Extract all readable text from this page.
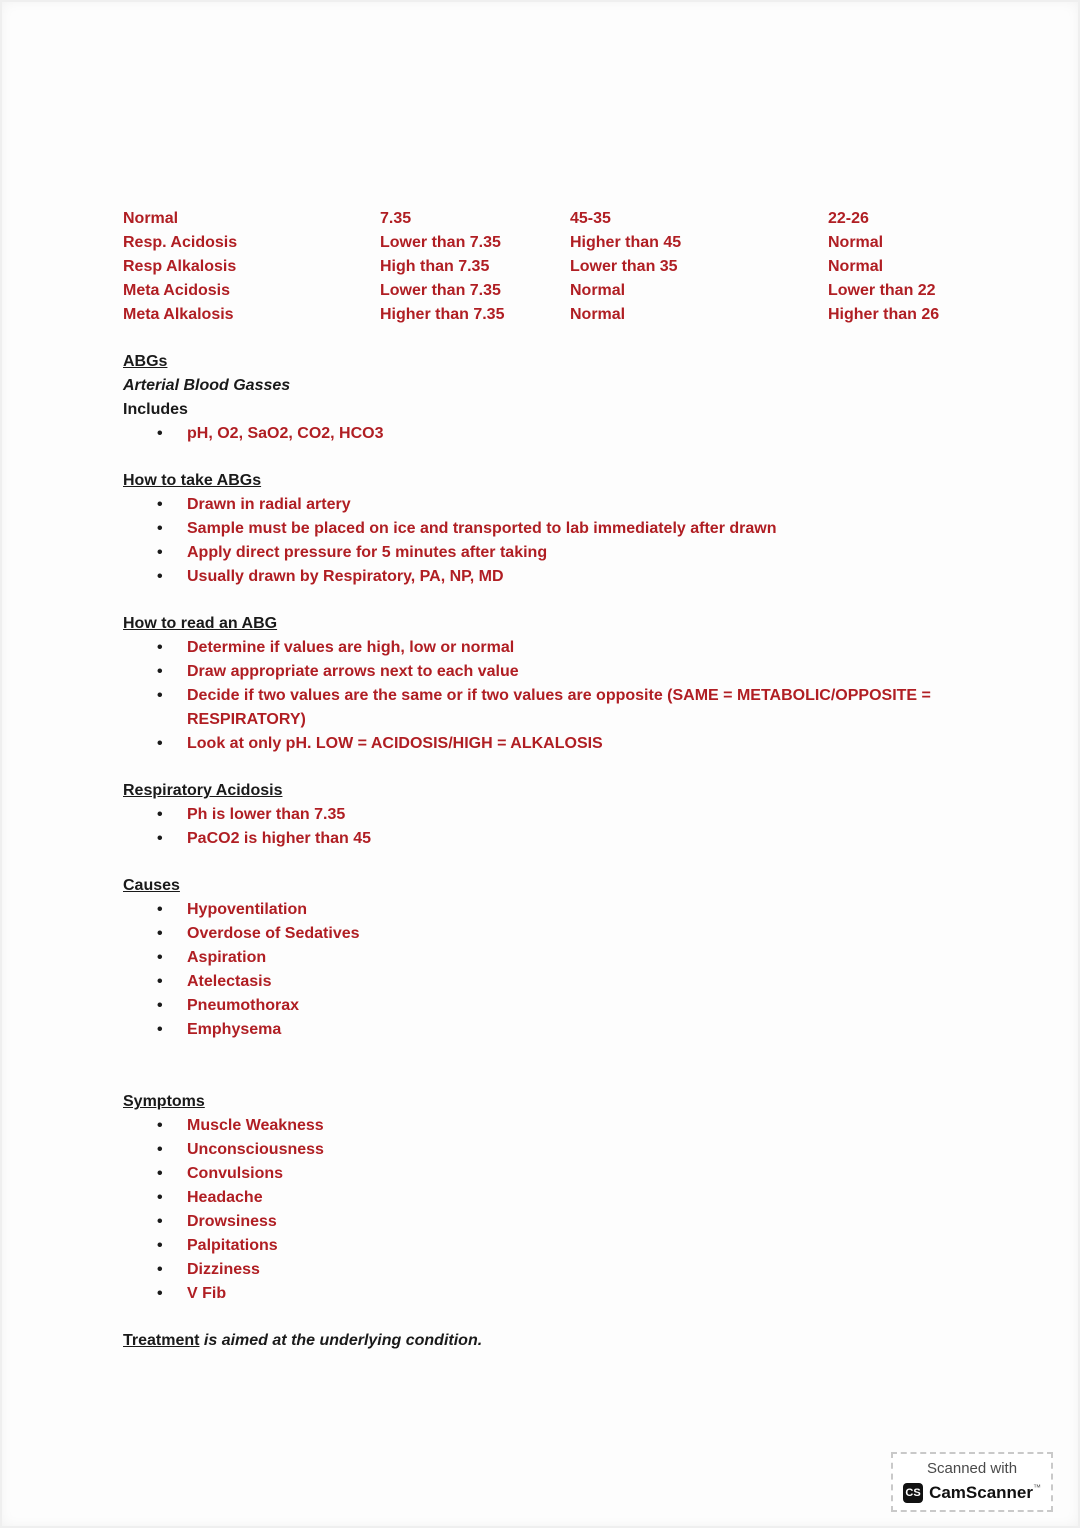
Normal	7.35	45-35	22-26
Resp. Acidosis	Lower than 7.35	Higher than 45	Normal
Resp Alkalosis	High than 7.35	Lower than 35	Normal
Meta Acidosis	Lower than 7.35	Normal	Lower than 22
Meta Alkalosis	Higher than 7.35	Normal	Higher than 26
ABGs
Arterial Blood Gasses
Includes
• pH, O2, SaO2, CO2, HCO3
How to take ABGs
• Drawn in radial artery
• Sample must be placed on ice and transported to lab immediately after drawn
• Apply direct pressure for 5 minutes after taking
• Usually drawn by Respiratory, PA, NP, MD
How to read an ABG
• Determine if values are high, low or normal
• Draw appropriate arrows next to each value
• Decide if two values are the same or if two values are opposite (SAME = METABOLIC/OPPOSITE = RESPIRATORY)
• Look at only pH. LOW = ACIDOSIS/HIGH = ALKALOSIS
Respiratory Acidosis
• Ph is lower than 7.35
• PaCO2 is higher than 45
Causes
• Hypoventilation
• Overdose of Sedatives
• Aspiration
• Atelectasis
• Pneumothorax
• Emphysema
Symptoms
• Muscle Weakness
• Unconsciousness
• Convulsions
• Headache
• Drowsiness
• Palpitations
• Dizziness
• V Fib

Treatment is aimed at the underlying condition.

Scanned with
CS CamScanner ™
